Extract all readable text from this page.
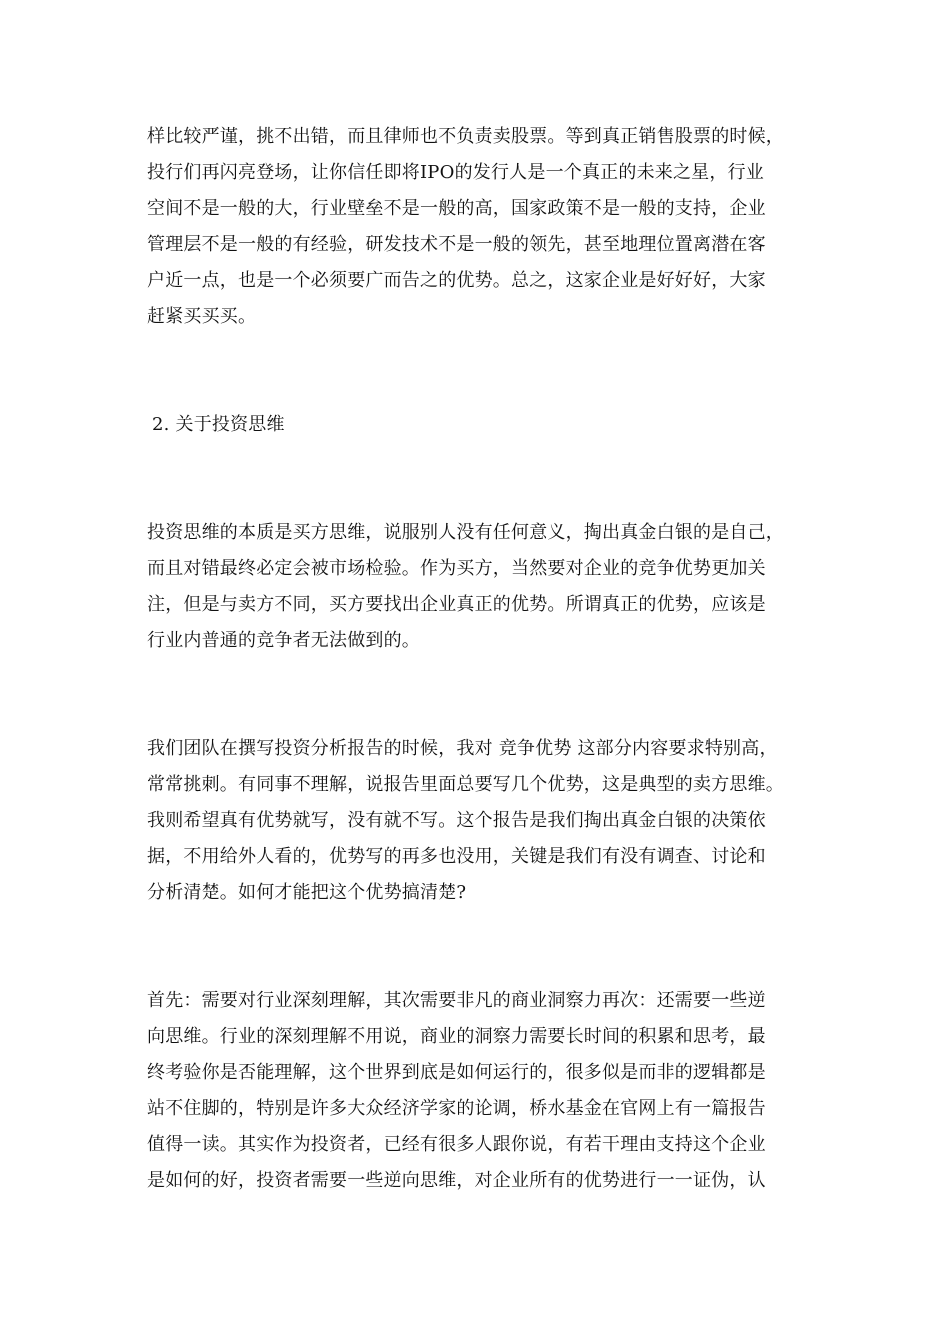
样比较严谨，挑不出错，而且律师也不负责卖股票。等到真正销售股票的时候，
投行们再闪亮登场，让你信任即将IPO的发行人是一个真正的未来之星，行业
空间不是一般的大，行业壁垒不是一般的高，国家政策不是一般的支持，企业
管理层不是一般的有经验，研发技术不是一般的领先，甚至地理位置离潜在客
户近一点，也是一个必须要广而告之的优势。总之，这家企业是好好好，大家
赶紧买买买。
2. 关于投资思维
投资思维的本质是买方思维，说服别人没有任何意义，掏出真金白银的是自己，
而且对错最终必定会被市场检验。作为买方，当然要对企业的竞争优势更加关
注，但是与卖方不同，买方要找出企业真正的优势。所谓真正的优势，应该是
行业内普通的竞争者无法做到的。
我们团队在撰写投资分析报告的时候，我对 竞争优势 这部分内容要求特别高，
常常挑刺。有同事不理解，说报告里面总要写几个优势，这是典型的卖方思维。
我则希望真有优势就写，没有就不写。这个报告是我们掏出真金白银的决策依
据，不用给外人看的，优势写的再多也没用，关键是我们有没有调查、讨论和
分析清楚。如何才能把这个优势搞清楚?
首先：需要对行业深刻理解，其次需要非凡的商业洞察力再次：还需要一些逆
向思维。行业的深刻理解不用说，商业的洞察力需要长时间的积累和思考，最
终考验你是否能理解，这个世界到底是如何运行的，很多似是而非的逻辑都是
站不住脚的，特别是许多大众经济学家的论调，桥水基金在官网上有一篇报告
值得一读。其实作为投资者，已经有很多人跟你说，有若干理由支持这个企业
是如何的好，投资者需要一些逆向思维，对企业所有的优势进行一一证伪，认
